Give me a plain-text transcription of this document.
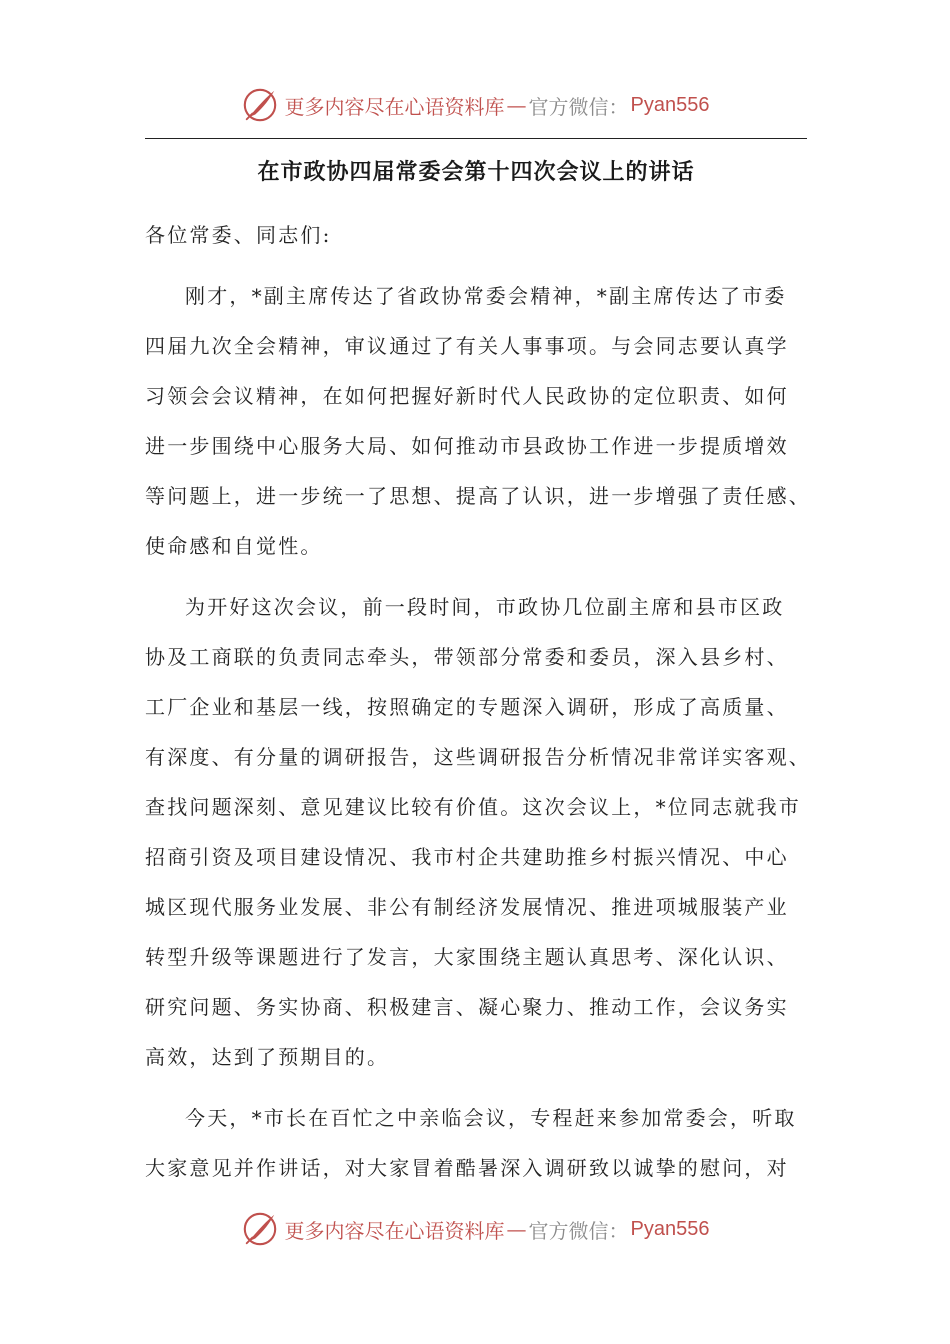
更多内容尽在心语资料库 — 官方微信： Pyan556
在市政协四届常委会第十四次会议上的讲话
各位常委、同志们:
刚才，*副主席传达了省政协常委会精神，*副主席传达了市委
四届九次全会精神，审议通过了有关人事事项。与会同志要认真学
习领会会议精神，在如何把握好新时代人民政协的定位职责、如何
进一步围绕中心服务大局、如何推动市县政协工作进一步提质增效
等问题上，进一步统一了思想、提高了认识，进一步增强了责任感、
使命感和自觉性。
为开好这次会议，前一段时间，市政协几位副主席和县市区政
协及工商联的负责同志牵头，带领部分常委和委员，深入县乡村、
工厂企业和基层一线，按照确定的专题深入调研，形成了高质量、
有深度、有分量的调研报告，这些调研报告分析情况非常详实客观、
查找问题深刻、意见建议比较有价值。这次会议上，*位同志就我市
招商引资及项目建设情况、我市村企共建助推乡村振兴情况、中心
城区现代服务业发展、非公有制经济发展情况、推进项城服装产业
转型升级等课题进行了发言，大家围绕主题认真思考、深化认识、
研究问题、务实协商、积极建言、凝心聚力、推动工作，会议务实
高效，达到了预期目的。
今天，*市长在百忙之中亲临会议，专程赶来参加常委会，听取
大家意见并作讲话，对大家冒着酷暑深入调研致以诚挚的慰问，对
更多内容尽在心语资料库 — 官方微信： Pyan556
